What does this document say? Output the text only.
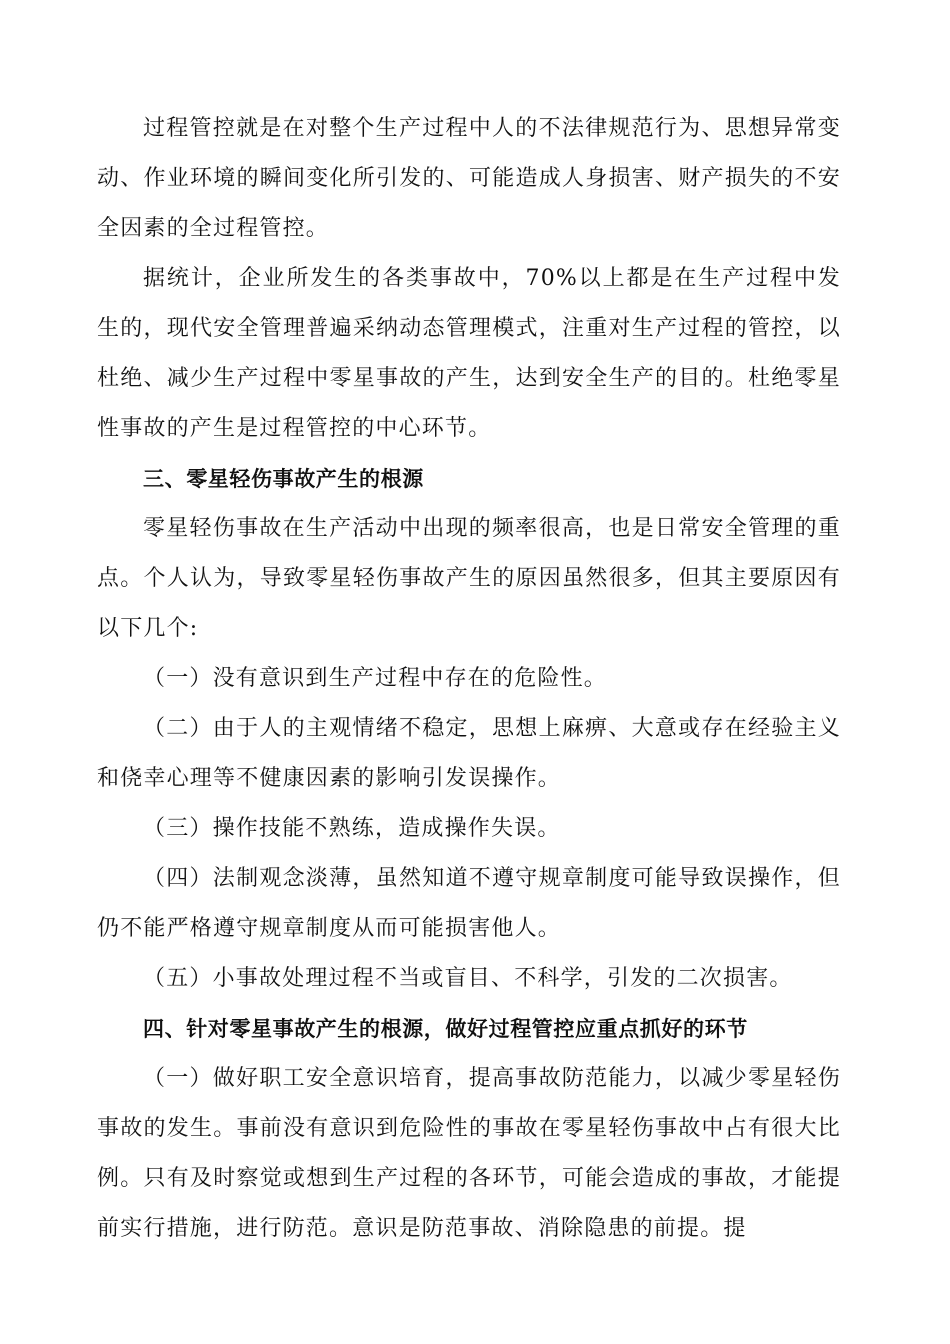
过程管控就是在对整个生产过程中人的不法律规范行为、思想异常变动、作业环境的瞬间变化所引发的、可能造成人身损害、财产损失的不安全因素的全过程管控。

据统计，企业所发生的各类事故中，70%以上都是在生产过程中发生的，现代安全管理普遍采纳动态管理模式，注重对生产过程的管控，以杜绝、减少生产过程中零星事故的产生，达到安全生产的目的。杜绝零星性事故的产生是过程管控的中心环节。

三、零星轻伤事故产生的根源

零星轻伤事故在生产活动中出现的频率很高，也是日常安全管理的重点。个人认为，导致零星轻伤事故产生的原因虽然很多，但其主要原因有以下几个:

（一）没有意识到生产过程中存在的危险性。

（二）由于人的主观情绪不稳定，思想上麻痹、大意或存在经验主义和侥幸心理等不健康因素的影响引发误操作。

（三）操作技能不熟练，造成操作失误。

（四）法制观念淡薄，虽然知道不遵守规章制度可能导致误操作，但仍不能严格遵守规章制度从而可能损害他人。

（五）小事故处理过程不当或盲目、不科学，引发的二次损害。

四、针对零星事故产生的根源，做好过程管控应重点抓好的环节

（一）做好职工安全意识培育，提高事故防范能力，以减少零星轻伤事故的发生。事前没有意识到危险性的事故在零星轻伤事故中占有很大比例。只有及时察觉或想到生产过程的各环节，可能会造成的事故，才能提前实行措施，进行防范。意识是防范事故、消除隐患的前提。提
